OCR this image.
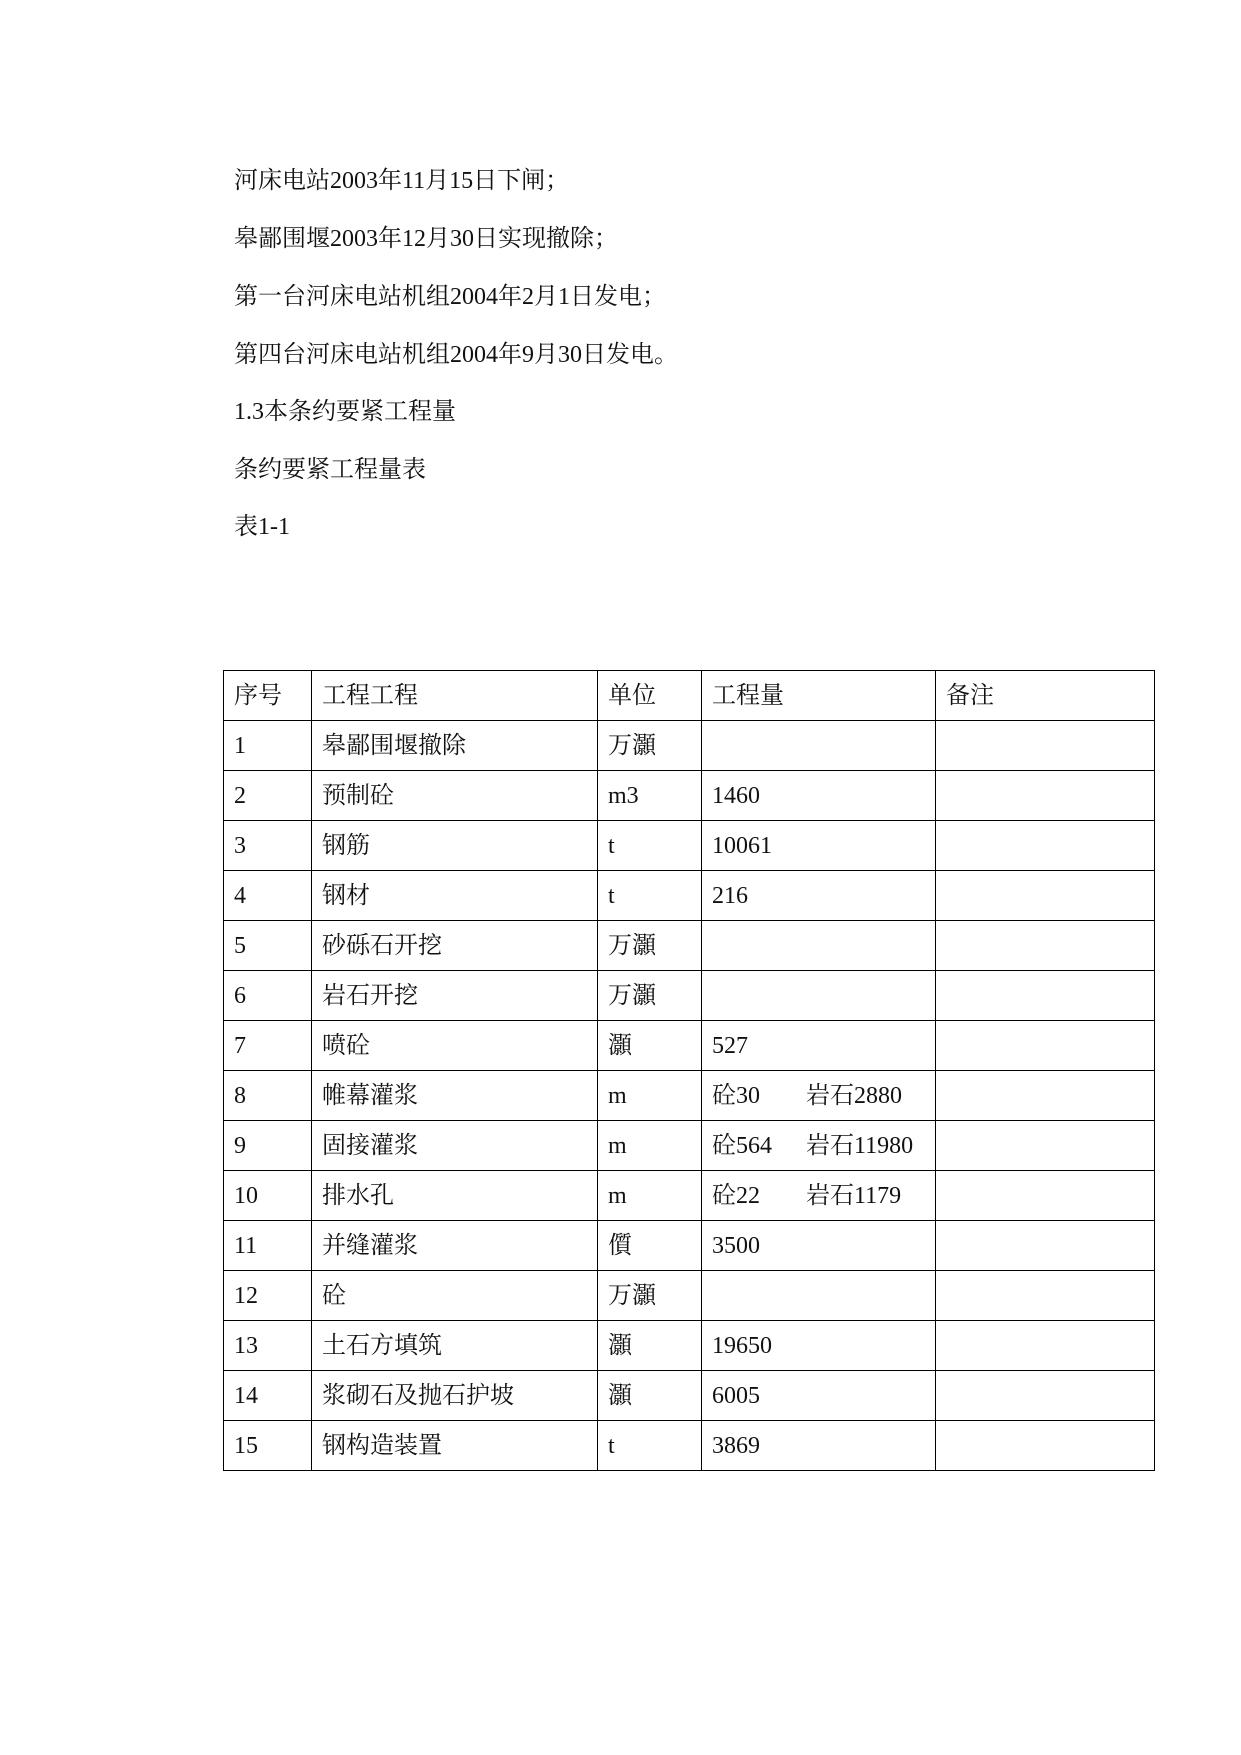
河床电站2003年11月15日下闸；
皋鄙围堰2003年12月30日实现撤除；
第一台河床电站机组2004年2月1日发电；
第四台河床电站机组2004年9月30日发电。
1.3本条约要紧工程量
条约要紧工程量表
表1-1
序号	工程工程	单位	工程量	备注
1	皋鄙围堰撤除	万灝		
2	预制砼	m3	1460	
3	钢筋	t	10061	
4	钢材	t	216	
5	砂砾石开挖	万灝		
6	岩石开挖	万灝		
7	喷砼	灝	527	
8	帷幕灌浆	m	砼30 岩石2880	
9	固接灌浆	m	砼564 岩石11980	
10	排水孔	m	砼22 岩石1179	
11	并缝灌浆	儨	3500	
12	砼	万灝		
13	土石方填筑	灝	19650	
14	浆砌石及抛石护坡	灝	6005	
15	钢构造装置	t	3869	
